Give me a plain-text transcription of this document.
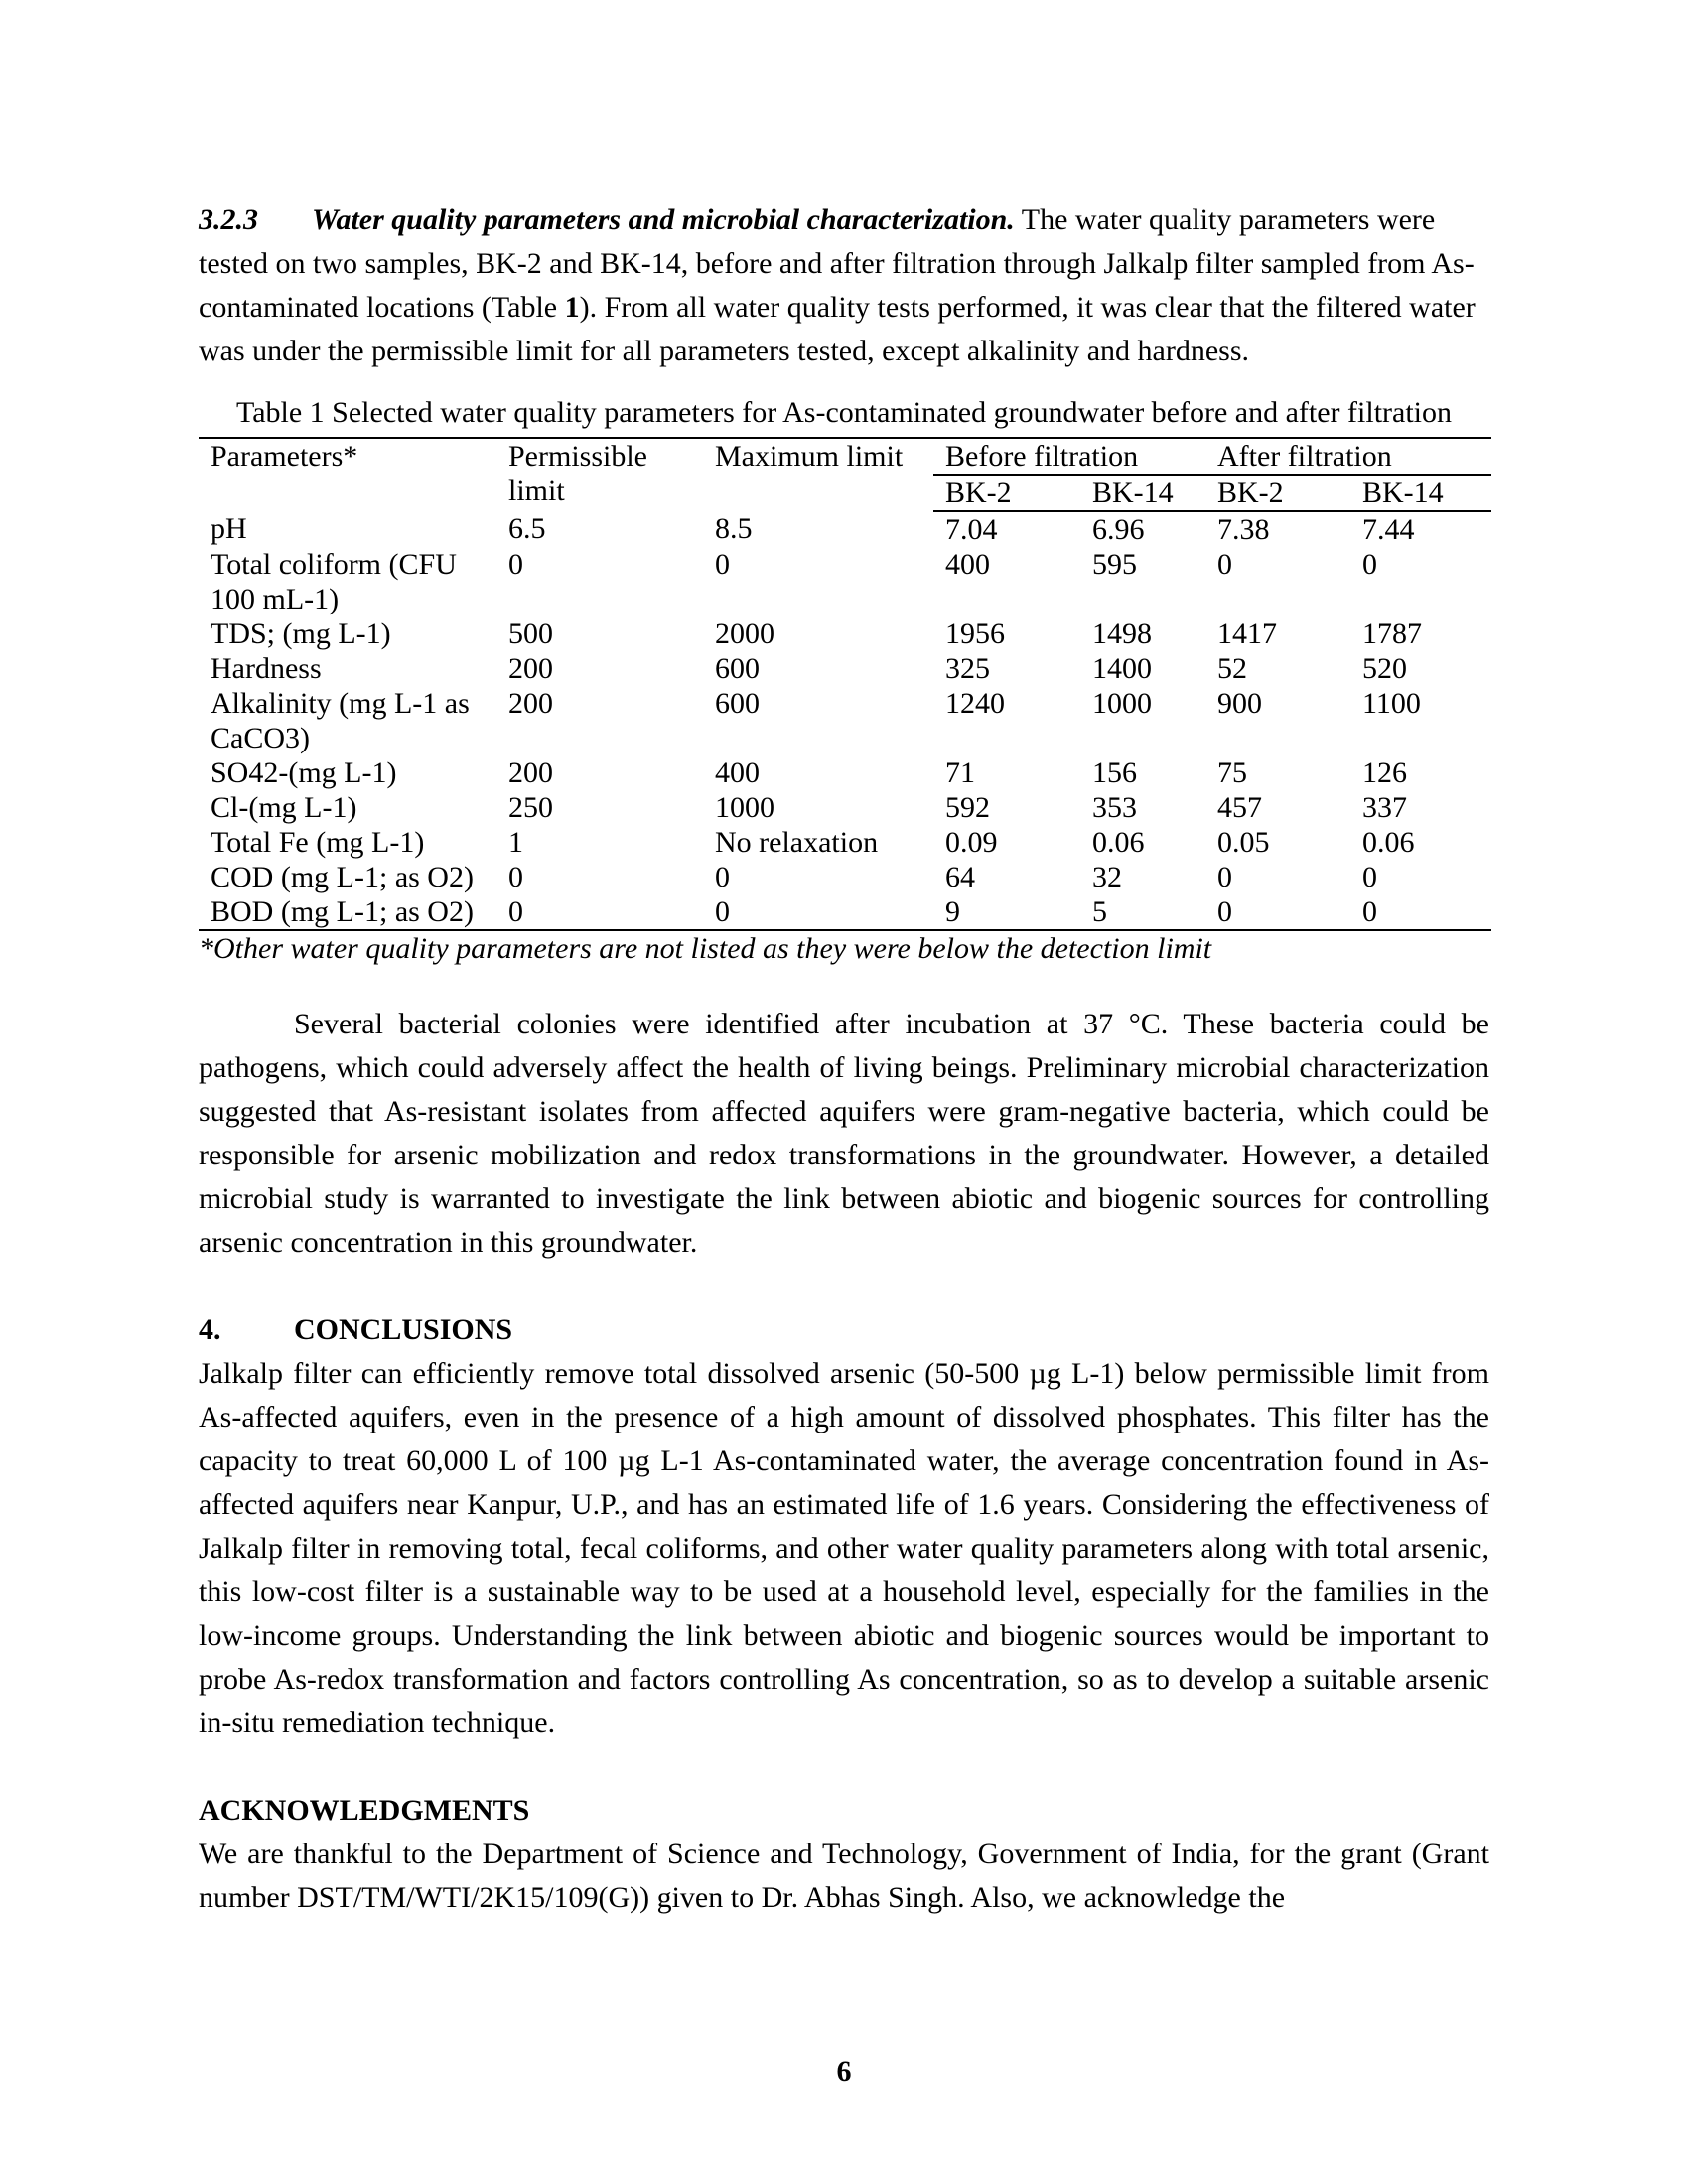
3.2.3 Water quality parameters and microbial characterization. The water quality parameters were tested on two samples, BK-2 and BK-14, before and after filtration through Jalkalp filter sampled from As-contaminated locations (Table 1). From all water quality tests performed, it was clear that the filtered water was under the permissible limit for all parameters tested, except alkalinity and hardness.

Table 1 Selected water quality parameters for As-contaminated groundwater before and after filtration

Parameters*	Permissible limit	Maximum limit	Before filtration		After filtration	
			BK-2	BK-14	BK-2	BK-14
pH	6.5	8.5	7.04	6.96	7.38	7.44
Total coliform (CFU 100 mL-1)	0	0	400	595	0	0
TDS; (mg L-1)	500	2000	1956	1498	1417	1787
Hardness	200	600	325	1400	52	520
Alkalinity (mg L-1 as CaCO3)	200	600	1240	1000	900	1100
SO42-(mg L-1)	200	400	71	156	75	126
Cl-(mg L-1)	250	1000	592	353	457	337
Total Fe (mg L-1)	1	No relaxation	0.09	0.06	0.05	0.06
COD (mg L-1; as O2)	0	0	64	32	0	0
BOD (mg L-1; as O2)	0	0	9	5	0	0

*Other water quality parameters are not listed as they were below the detection limit

Several bacterial colonies were identified after incubation at 37 °C. These bacteria could be pathogens, which could adversely affect the health of living beings. Preliminary microbial characterization suggested that As-resistant isolates from affected aquifers were gram-negative bacteria, which could be responsible for arsenic mobilization and redox transformations in the groundwater. However, a detailed microbial study is warranted to investigate the link between abiotic and biogenic sources for controlling arsenic concentration in this groundwater.

4. CONCLUSIONS

Jalkalp filter can efficiently remove total dissolved arsenic (50-500 µg L-1) below permissible limit from As-affected aquifers, even in the presence of a high amount of dissolved phosphates. This filter has the capacity to treat 60,000 L of 100 µg L-1 As-contaminated water, the average concentration found in As-affected aquifers near Kanpur, U.P., and has an estimated life of 1.6 years. Considering the effectiveness of Jalkalp filter in removing total, fecal coliforms, and other water quality parameters along with total arsenic, this low-cost filter is a sustainable way to be used at a household level, especially for the families in the low-income groups. Understanding the link between abiotic and biogenic sources would be important to probe As-redox transformation and factors controlling As concentration, so as to develop a suitable arsenic in-situ remediation technique.

ACKNOWLEDGMENTS

We are thankful to the Department of Science and Technology, Government of India, for the grant (Grant number DST/TM/WTI/2K15/109(G)) given to Dr. Abhas Singh. Also, we acknowledge the

6
